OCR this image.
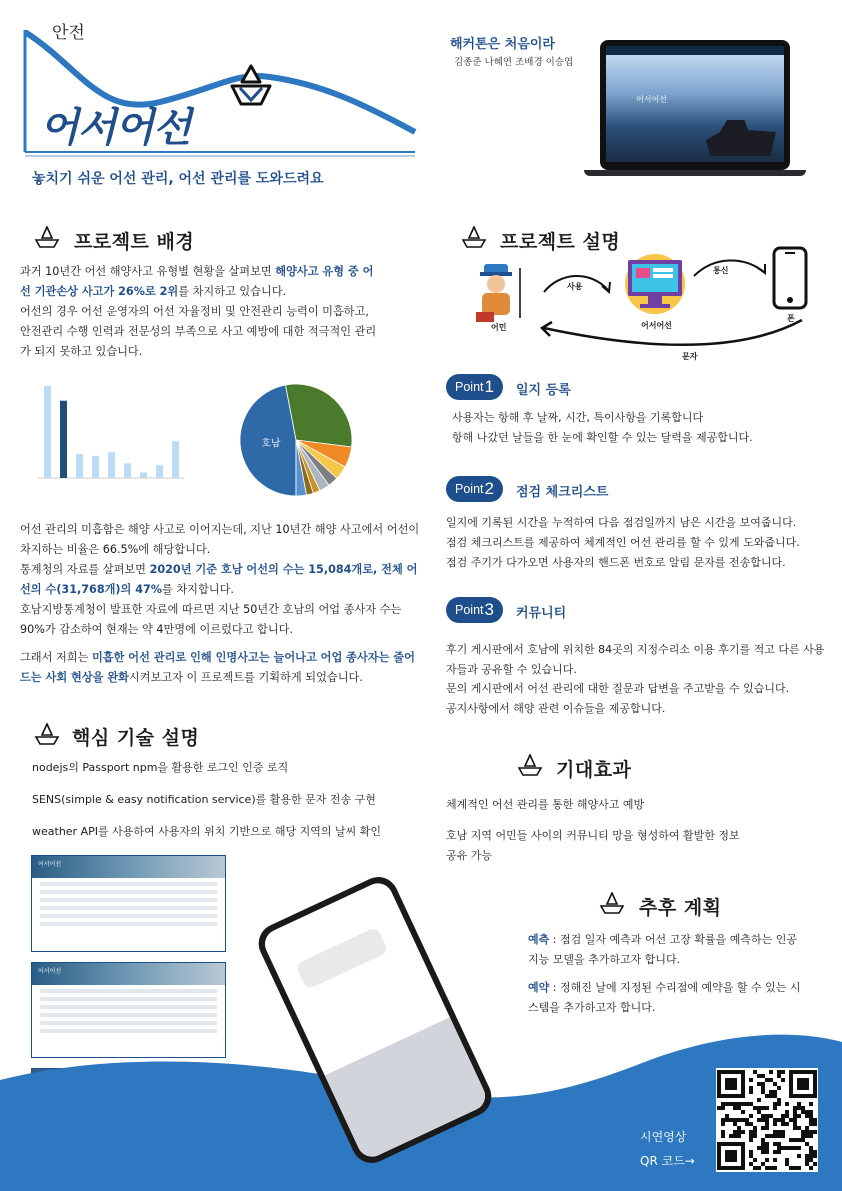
안전
어서어선
놓치기 쉬운 어선 관리, 어선 관리를 도와드려요
해커톤은 처음이라
김종준 나혜연 조배경 이승엽
어서어선
프로젝트 배경
과거 10년간 어선 해양사고 유형별 현황을 살펴보면 해양사고 유형 중 어선 기관손상 사고가 26%로 2위를 차지하고 있습니다.
어선의 경우 어선 운영자의 어선 자율정비 및 안전관리 능력이 미흡하고, 안전관리 수행 인력과 전문성의 부족으로 사고 예방에 대한 적극적인 관리가 되지 못하고 있습니다.
호남
어선 관리의 미흡함은 해양 사고로 이어지는데, 지난 10년간 해양 사고에서 어선이 차지하는 비율은 66.5%에 해당합니다.
통계청의 자료를 살펴보면 2020년 기준 호남 어선의 수는 15,084개로, 전체 어선의 수(31,768개)의 47%를 차지합니다.
호남지방통계청이 발표한 자료에 따르면 지난 50년간 호남의 어업 종사자 수는 90%가 감소하여 현재는 약 4만명에 이르렀다고 합니다.
그래서 저희는 미흡한 어선 관리로 인해 인명사고는 늘어나고 어업 종사자는 줄어드는 사회 현상을 완화시켜보고자 이 프로젝트를 기획하게 되었습니다.
핵심 기술 설명
nodejs의 Passport npm을 활용한 로그인 인증 로직
SENS(simple & easy notification service)를 활용한 문자 전송 구현
weather API를 사용하여 사용자의 위치 기반으로 해당 지역의 날씨 확인
어서어선
어서어선
프로젝트 설명
어민
사용
어서어선
통신
폰
문자
Point 1 일지 등록
사용자는 항해 후 날짜, 시간, 특이사항을 기록합니다
항해 나갔던 날들을 한 눈에 확인할 수 있는 달력을 제공합니다.
Point 2 점검 체크리스트
일지에 기록된 시간을 누적하여 다음 점검일까지 남은 시간을 보여줍니다.
점검 체크리스트를 제공하여 체계적인 어선 관리를 할 수 있게 도와줍니다.
점검 주기가 다가오면 사용자의 핸드폰 번호로 알림 문자를 전송합니다.
Point 3 커뮤니티
후기 게시판에서 호남에 위치한 84곳의 지정수리소 이용 후기를 적고 다른 사용자들과 공유할 수 있습니다.
문의 게시판에서 어선 관리에 대한 질문과 답변을 주고받을 수 있습니다.
공지사항에서 해양 관련 이슈들을 제공합니다.
기대효과
체계적인 어선 관리를 통한 해양사고 예방
호남 지역 어민들 사이의 커뮤니티 망을 형성하여 활발한 정보 공유 가능
추후 계획
예측 : 점검 일자 예측과 어선 고장 확률을 예측하는 인공지능 모델을 추가하고자 합니다.
예약 : 정해진 날에 지정된 수리점에 예약을 할 수 있는 시스템을 추가하고자 합니다.
시연영상
QR 코드→
